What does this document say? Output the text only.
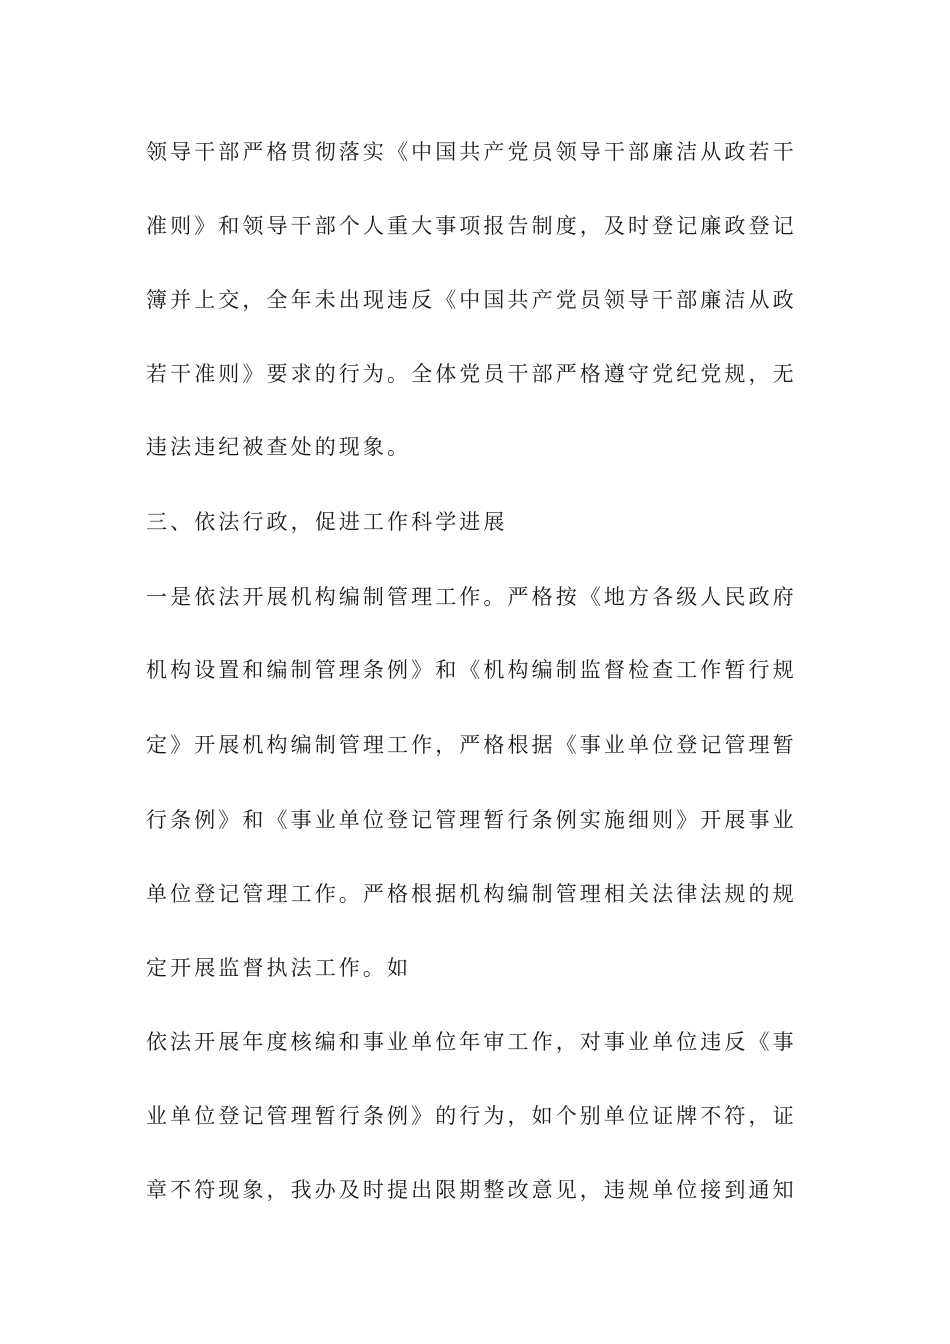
领导干部严格贯彻落实《中国共产党员领导干部廉洁从政若干
准则》和领导干部个人重大事项报告制度，及时登记廉政登记
簿并上交，全年未出现违反《中国共产党员领导干部廉洁从政
若干准则》要求的行为。全体党员干部严格遵守党纪党规，无
违法违纪被查处的现象。
三、依法行政，促进工作科学进展
一是依法开展机构编制管理工作。严格按《地方各级人民政府
机构设置和编制管理条例》和《机构编制监督检查工作暂行规
定》开展机构编制管理工作，严格根据《事业单位登记管理暂
行条例》和《事业单位登记管理暂行条例实施细则》开展事业
单位登记管理工作。严格根据机构编制管理相关法律法规的规
定开展监督执法工作。如
依法开展年度核编和事业单位年审工作，对事业单位违反《事
业单位登记管理暂行条例》的行为，如个别单位证牌不符，证
章不符现象，我办及时提出限期整改意见，违规单位接到通知
